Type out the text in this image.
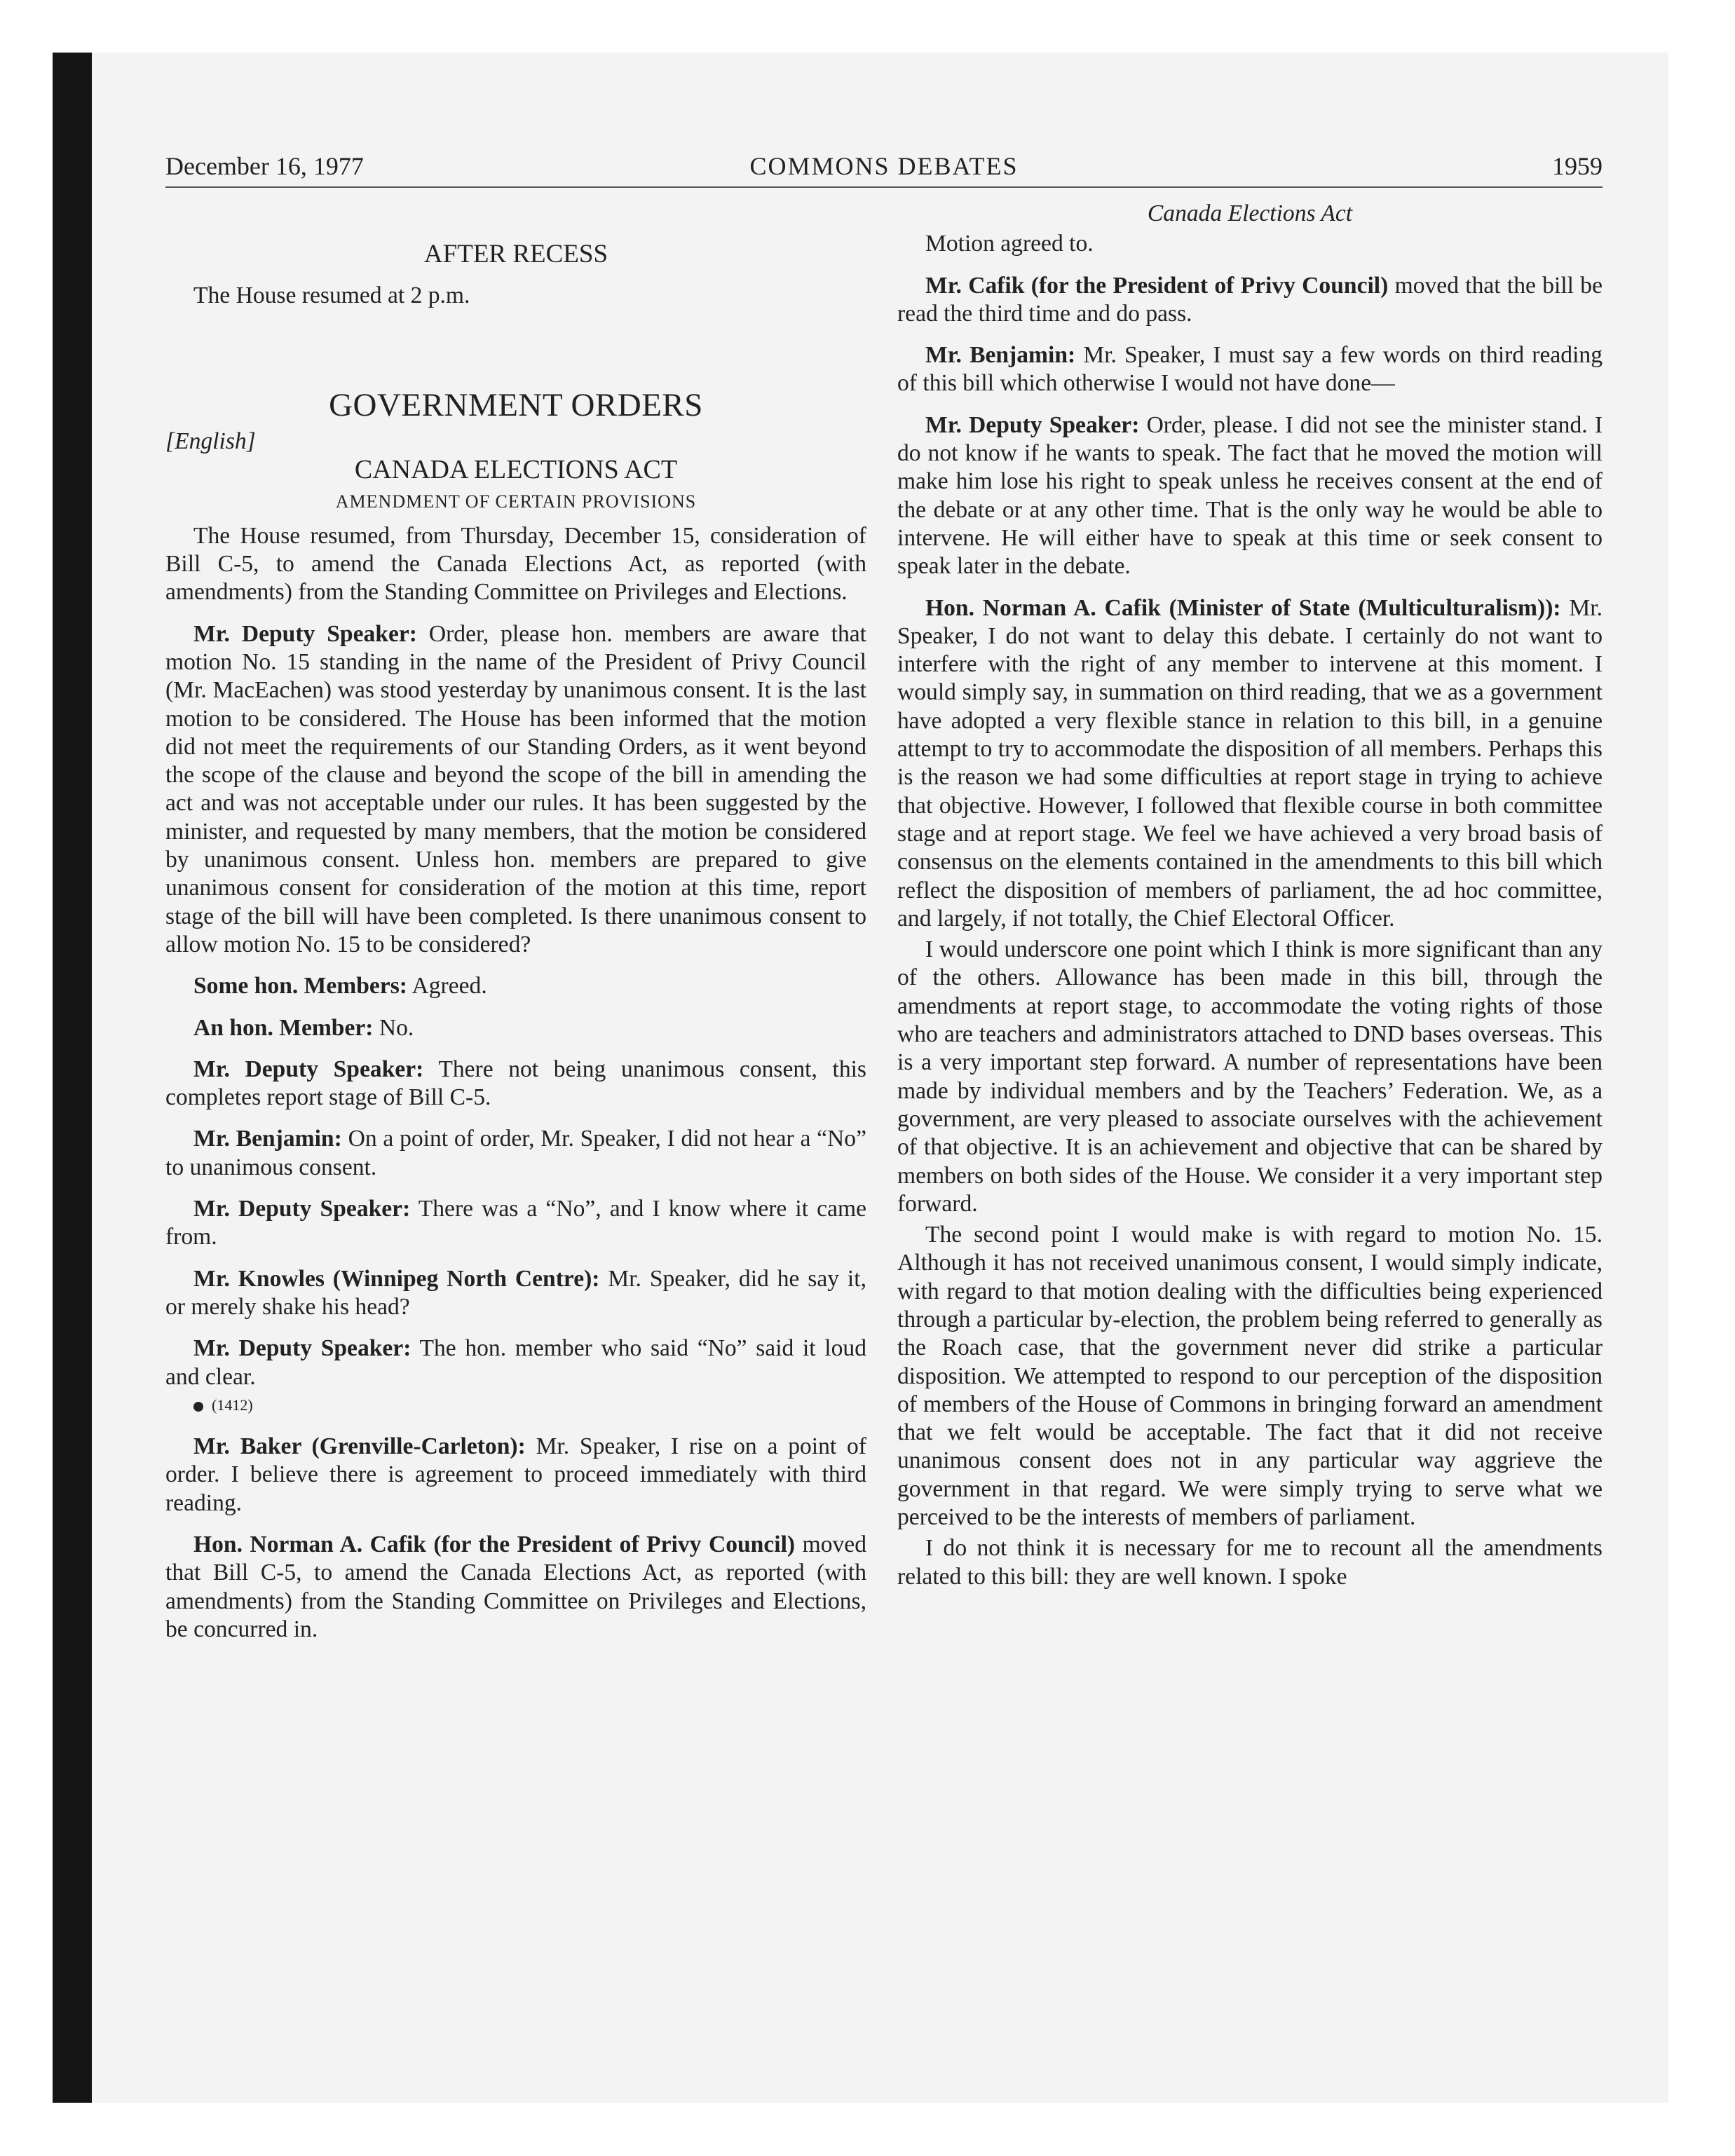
December 16, 1977	COMMONS DEBATES	1959
AFTER RECESS

The House resumed at 2 p.m.

GOVERNMENT ORDERS

[English]

CANADA ELECTIONS ACT
AMENDMENT OF CERTAIN PROVISIONS

The House resumed, from Thursday, December 15, consideration of Bill C-5, to amend the Canada Elections Act, as reported (with amendments) from the Standing Committee on Privileges and Elections.

Mr. Deputy Speaker: Order, please hon. members are aware that motion No. 15 standing in the name of the President of Privy Council (Mr. MacEachen) was stood yesterday by unanimous consent. It is the last motion to be considered. The House has been informed that the motion did not meet the requirements of our Standing Orders, as it went beyond the scope of the clause and beyond the scope of the bill in amending the act and was not acceptable under our rules. It has been suggested by the minister, and requested by many members, that the motion be considered by unanimous consent. Unless hon. members are prepared to give unanimous consent for consideration of the motion at this time, report stage of the bill will have been completed. Is there unanimous consent to allow motion No. 15 to be considered?

Some hon. Members: Agreed.

An hon. Member: No.

Mr. Deputy Speaker: There not being unanimous consent, this completes report stage of Bill C-5.

Mr. Benjamin: On a point of order, Mr. Speaker, I did not hear a “No” to unanimous consent.

Mr. Deputy Speaker: There was a “No”, and I know where it came from.

Mr. Knowles (Winnipeg North Centre): Mr. Speaker, did he say it, or merely shake his head?

Mr. Deputy Speaker: The hon. member who said “No” said it loud and clear.

(1412)

Mr. Baker (Grenville-Carleton): Mr. Speaker, I rise on a point of order. I believe there is agreement to proceed immediately with third reading.

Hon. Norman A. Cafik (for the President of Privy Council) moved that Bill C-5, to amend the Canada Elections Act, as reported (with amendments) from the Standing Committee on Privileges and Elections, be concurred in.

Canada Elections Act

Motion agreed to.

Mr. Cafik (for the President of Privy Council) moved that the bill be read the third time and do pass.

Mr. Benjamin: Mr. Speaker, I must say a few words on third reading of this bill which otherwise I would not have done—

Mr. Deputy Speaker: Order, please. I did not see the minister stand. I do not know if he wants to speak. The fact that he moved the motion will make him lose his right to speak unless he receives consent at the end of the debate or at any other time. That is the only way he would be able to intervene. He will either have to speak at this time or seek consent to speak later in the debate.

Hon. Norman A. Cafik (Minister of State (Multiculturalism)): Mr. Speaker, I do not want to delay this debate. I certainly do not want to interfere with the right of any member to intervene at this moment. I would simply say, in summation on third reading, that we as a government have adopted a very flexible stance in relation to this bill, in a genuine attempt to try to accommodate the disposition of all members. Perhaps this is the reason we had some difficulties at report stage in trying to achieve that objective. However, I followed that flexible course in both committee stage and at report stage. We feel we have achieved a very broad basis of consensus on the elements contained in the amendments to this bill which reflect the disposition of members of parliament, the ad hoc committee, and largely, if not totally, the Chief Electoral Officer.

I would underscore one point which I think is more significant than any of the others. Allowance has been made in this bill, through the amendments at report stage, to accommodate the voting rights of those who are teachers and administrators attached to DND bases overseas. This is a very important step forward. A number of representations have been made by individual members and by the Teachers’ Federation. We, as a government, are very pleased to associate ourselves with the achievement of that objective. It is an achievement and objective that can be shared by members on both sides of the House. We consider it a very important step forward.

The second point I would make is with regard to motion No. 15. Although it has not received unanimous consent, I would simply indicate, with regard to that motion dealing with the difficulties being experienced through a particular by-election, the problem being referred to generally as the Roach case, that the government never did strike a particular disposition. We attempted to respond to our perception of the disposition of members of the House of Commons in bringing forward an amendment that we felt would be acceptable. The fact that it did not receive unanimous consent does not in any particular way aggrieve the government in that regard. We were simply trying to serve what we perceived to be the interests of members of parliament.

I do not think it is necessary for me to recount all the amendments related to this bill: they are well known. I spoke
